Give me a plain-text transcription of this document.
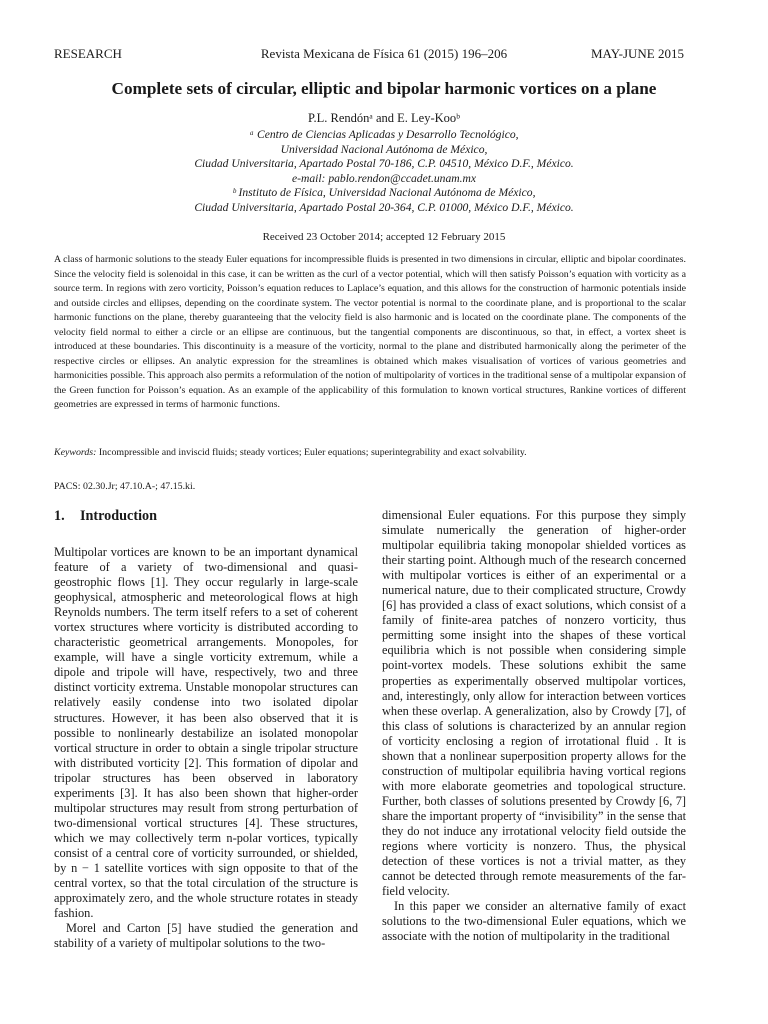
RESEARCH	Revista Mexicana de Física 61 (2015) 196–206	MAY-JUNE 2015
Complete sets of circular, elliptic and bipolar harmonic vortices on a plane
P.L. Rendónᵃ and E. Ley-Kooᵇ
ᵃ Centro de Ciencias Aplicadas y Desarrollo Tecnológico,
Universidad Nacional Autónoma de México,
Ciudad Universitaria, Apartado Postal 70-186, C.P. 04510, México D.F., México.
e-mail: pablo.rendon@ccadet.unam.mx
ᵇ Instituto de Física, Universidad Nacional Autónoma de México,
Ciudad Universitaria, Apartado Postal 20-364, C.P. 01000, México D.F., México.
Received 23 October 2014; accepted 12 February 2015

A class of harmonic solutions to the steady Euler equations for incompressible fluids is presented in two dimensions in circular, elliptic and bipolar coordinates. Since the velocity field is solenoidal in this case, it can be written as the curl of a vector potential, which will then satisfy Poisson’s equation with vorticity as a source term. In regions with zero vorticity, Poisson’s equation reduces to Laplace’s equation, and this allows for the construction of harmonic potentials inside and outside circles and ellipses, depending on the coordinate system. The vector potential is normal to the coordinate plane, and is proportional to the scalar harmonic functions on the plane, thereby guaranteeing that the velocity field is also harmonic and is located on the coordinate plane. The components of the velocity field normal to either a circle or an ellipse are continuous, but the tangential components are discontinuous, so that, in effect, a vortex sheet is introduced at these boundaries. This discontinuity is a measure of the vorticity, normal to the plane and distributed harmonically along the perimeter of the respective circles or ellipses. An analytic expression for the streamlines is obtained which makes visualisation of vortices of various geometries and harmonicities possible. This approach also permits a reformulation of the notion of multipolarity of vortices in the traditional sense of a multipolar expansion of the Green function for Poisson’s equation. As an example of the applicability of this formulation to known vortical structures, Rankine vortices of different geometries are expressed in terms of harmonic functions.

Keywords: Incompressible and inviscid fluids; steady vortices; Euler equations; superintegrability and exact solvability.
PACS: 02.30.Jr; 47.10.A-; 47.15.ki.
1. Introduction

Multipolar vortices are known to be an important dynamical feature of a variety of two-dimensional and quasi-geostrophic flows [1]. They occur regularly in large-scale geophysical, atmospheric and meteorological flows at high Reynolds numbers. The term itself refers to a set of coherent vortex structures where vorticity is distributed according to characteristic geometrical arrangements. Monopoles, for example, will have a single vorticity extremum, while a dipole and tripole will have, respectively, two and three distinct vorticity extrema. Unstable monopolar structures can relatively easily condense into two isolated dipolar structures. However, it has been also observed that it is possible to nonlinearly destabilize an isolated monopolar vortical structure in order to obtain a single tripolar structure with distributed vorticity [2]. This formation of dipolar and tripolar structures has been observed in laboratory experiments [3]. It has also been shown that higher-order multipolar structures may result from strong perturbation of two-dimensional vortical structures [4]. These structures, which we may collectively term n-polar vortices, typically consist of a central core of vorticity surrounded, or shielded, by n − 1 satellite vortices with sign opposite to that of the central vortex, so that the total circulation of the structure is approximately zero, and the whole structure rotates in steady fashion.

Morel and Carton [5] have studied the generation and stability of a variety of multipolar solutions to the two-

dimensional Euler equations. For this purpose they simply simulate numerically the generation of higher-order multipolar equilibria taking monopolar shielded vortices as their starting point. Although much of the research concerned with multipolar vortices is either of an experimental or a numerical nature, due to their complicated structure, Crowdy [6] has provided a class of exact solutions, which consist of a family of finite-area patches of nonzero vorticity, thus permitting some insight into the shapes of these vortical equilibria which is not possible when considering simple point-vortex models. These solutions exhibit the same properties as experimentally observed multipolar vortices, and, interestingly, only allow for interaction between vortices when these overlap. A generalization, also by Crowdy [7], of this class of solutions is characterized by an annular region of vorticity enclosing a region of irrotational fluid . It is shown that a nonlinear superposition property allows for the construction of multipolar equilibria having vortical regions with more elaborate geometries and topological structure. Further, both classes of solutions presented by Crowdy [6, 7] share the important property of “invisibility” in the sense that they do not induce any irrotational velocity field outside the regions where vorticity is nonzero. Thus, the physical detection of these vortices is not a trivial matter, as they cannot be detected through remote measurements of the far-field velocity.

In this paper we consider an alternative family of exact solutions to the two-dimensional Euler equations, which we associate with the notion of multipolarity in the traditional
